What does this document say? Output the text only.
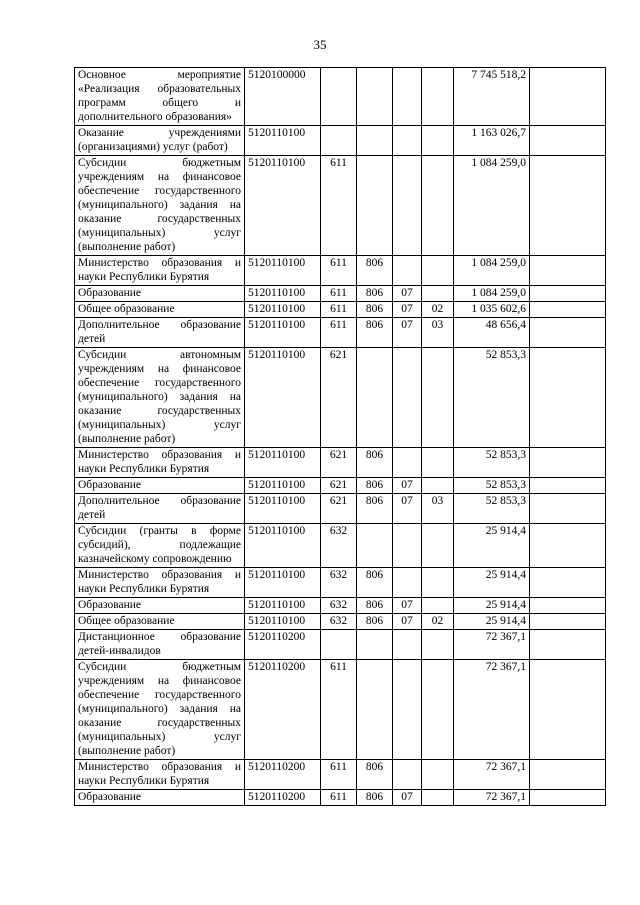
35
Основное мероприятие «Реализация образовательных программ общего и дополнительного образования»	5120100000					7 745 518,2	
Оказание учреждениями (организациями) услуг (работ)	5120110100					1 163 026,7	
Субсидии бюджетным учреждениям на финансовое обеспечение государственного (муниципального) задания на оказание государственных (муниципальных) услуг (выполнение работ)	5120110100	611				1 084 259,0	
Министерство образования и науки Республики Бурятия	5120110100	611	806			1 084 259,0	
Образование	5120110100	611	806	07		1 084 259,0	
Общее образование	5120110100	611	806	07	02	1 035 602,6	
Дополнительное образование детей	5120110100	611	806	07	03	48 656,4	
Субсидии автономным учреждениям на финансовое обеспечение государственного (муниципального) задания на оказание государственных (муниципальных) услуг (выполнение работ)	5120110100	621				52 853,3	
Министерство образования и науки Республики Бурятия	5120110100	621	806			52 853,3	
Образование	5120110100	621	806	07		52 853,3	
Дополнительное образование детей	5120110100	621	806	07	03	52 853,3	
Субсидии (гранты в форме субсидий), подлежащие казначейскому сопровождению	5120110100	632				25 914,4	
Министерство образования и науки Республики Бурятия	5120110100	632	806			25 914,4	
Образование	5120110100	632	806	07		25 914,4	
Общее образование	5120110100	632	806	07	02	25 914,4	
Дистанционное образование детей-инвалидов	5120110200					72 367,1	
Субсидии бюджетным учреждениям на финансовое обеспечение государственного (муниципального) задания на оказание государственных (муниципальных) услуг (выполнение работ)	5120110200	611				72 367,1	
Министерство образования и науки Республики Бурятия	5120110200	611	806			72 367,1	
Образование	5120110200	611	806	07		72 367,1	
